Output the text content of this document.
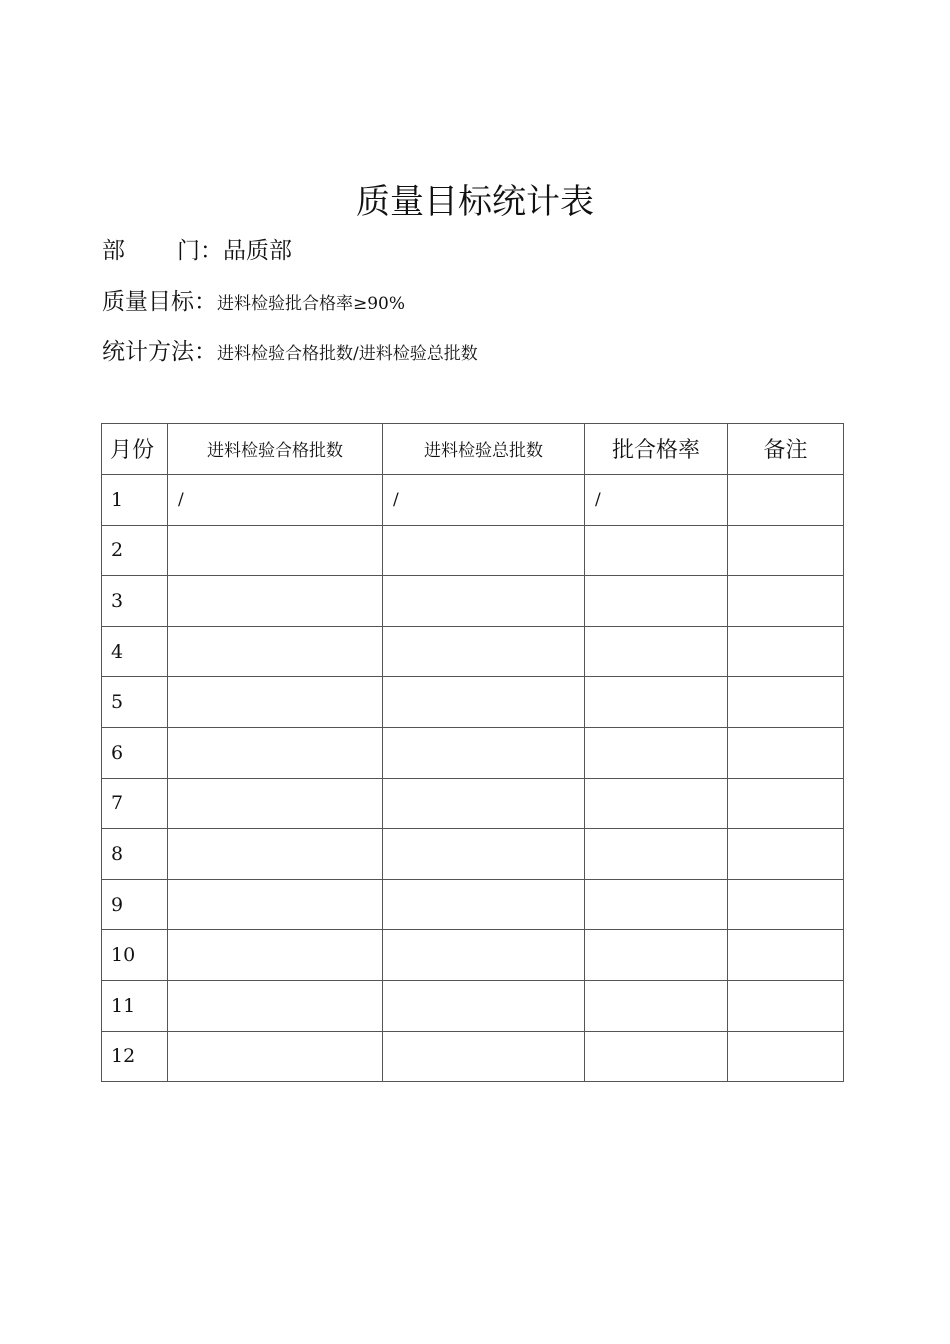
质量目标统计表
部 门：品质部
质量目标：进料检验批合格率≥90%
统计方法：进料检验合格批数/进料检验总批数
月份	进料检验合格批数	进料检验总批数	批合格率	备注
1	/	/	/	
2				
3				
4				
5				
6				
7				
8				
9				
10				
11				
12				
